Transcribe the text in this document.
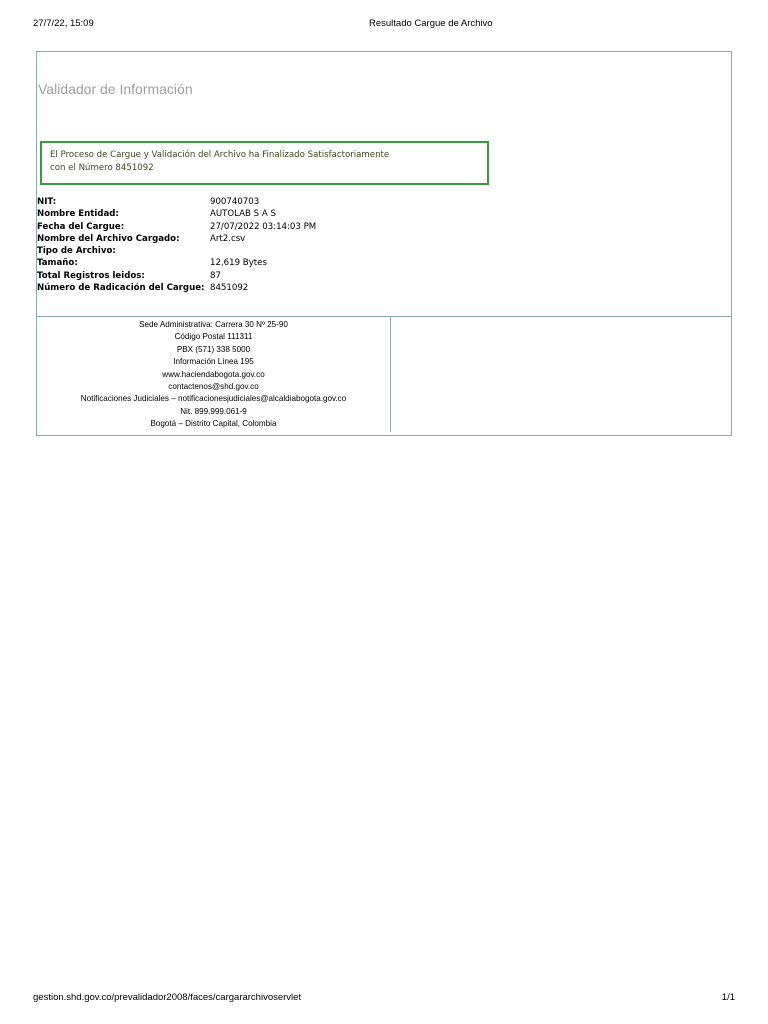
27/7/22, 15:09	Resultado Cargue de Archivo
Validador de Información
El Proceso de Cargue y Validación del Archivo ha Finalizado Satisfactoriamente
con el Número 8451092
NIT:	900740703
Nombre Entidad:	AUTOLAB S A S
Fecha del Cargue:	27/07/2022 03:14:03 PM
Nombre del Archivo Cargado:	Art2.csv
Tipo de Archivo:
Tamaño:	12,619 Bytes
Total Registros leidos:	87
Número de Radicación del Cargue: 8451092
Sede Administrativa: Carrera 30 Nº 25-90
Código Postal 111311
PBX (571) 338 5000
Información Línea 195
www.haciendabogota.gov.co
contactenos@shd.gov.co
Notificaciones Judiciales – notificacionesjudiciales@alcaldiabogota.gov.co
Nit. 899.999.061-9
Bogotá – Distrito Capital, Colombia
gestion.shd.gov.co/prevalidador2008/faces/cargararchivoservlet	1/1
